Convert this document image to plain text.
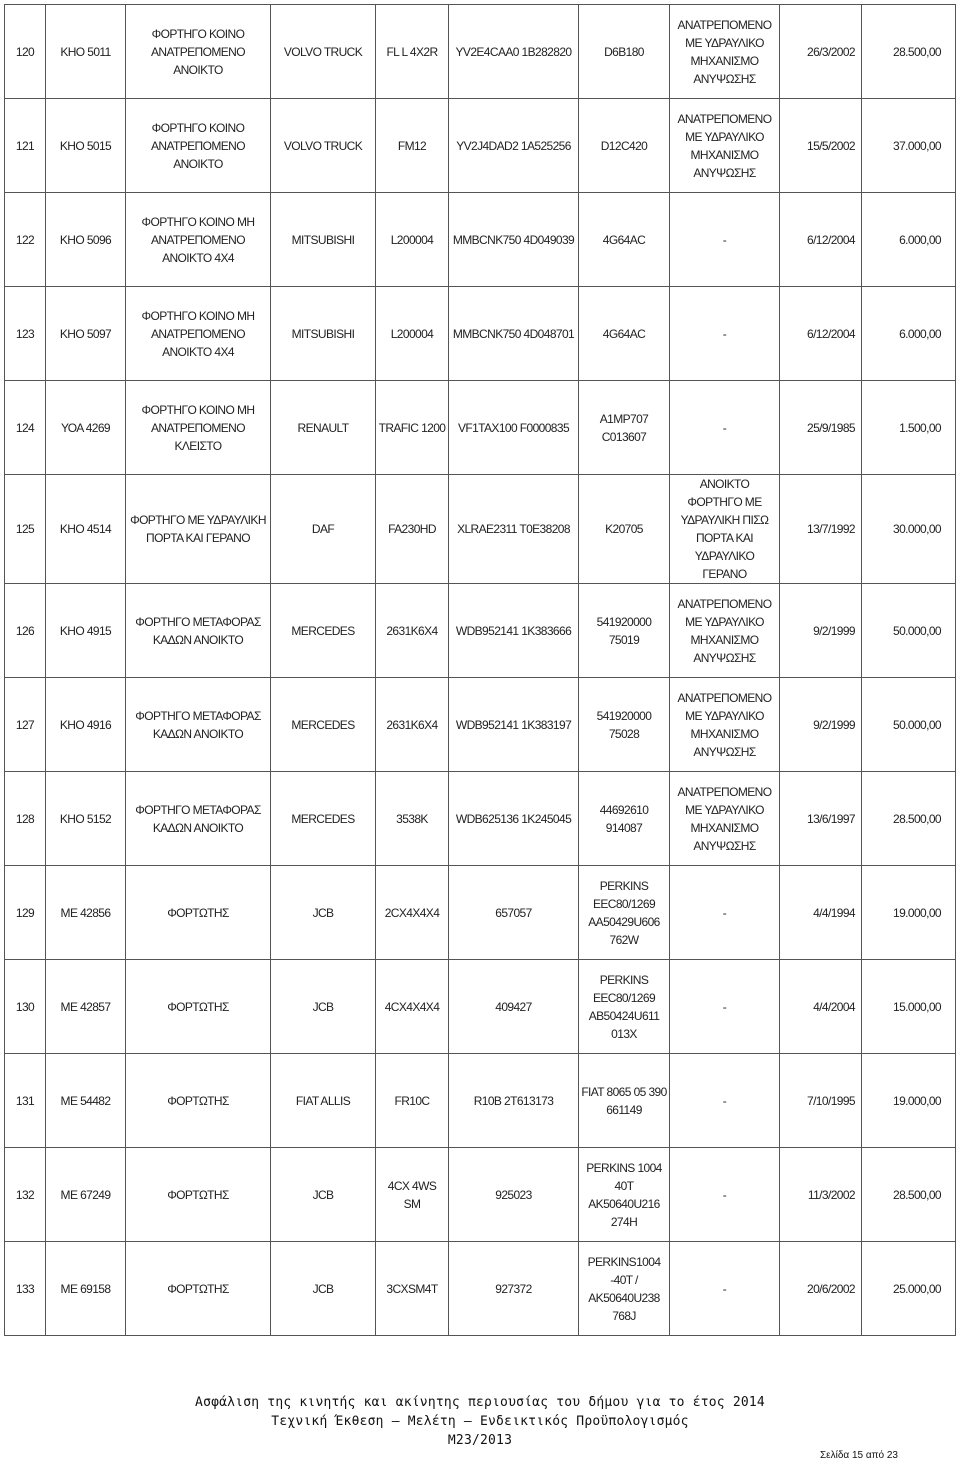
120	ΚΗΟ 5011	ΦΟΡΤΗΓΟ ΚΟΙΝΟ ΑΝΑΤΡΕΠΟΜΕΝΟ ΑΝΟΙΚΤΟ	VOLVO TRUCK	FL L 4X2R	YV2E4CAA0 1B282820	D6B180	ΑΝΑΤΡΕΠΟΜΕΝΟ ΜΕ ΥΔΡΑΥΛΙΚΟ ΜΗΧΑΝΙΣΜΟ ΑΝΥΨΩΣΗΣ	26/3/2002	28.500,00
121	ΚΗΟ 5015	ΦΟΡΤΗΓΟ ΚΟΙΝΟ ΑΝΑΤΡΕΠΟΜΕΝΟ ΑΝΟΙΚΤΟ	VOLVO TRUCK	FM12	YV2J4DAD2 1A525256	D12C420	ΑΝΑΤΡΕΠΟΜΕΝΟ ΜΕ ΥΔΡΑΥΛΙΚΟ ΜΗΧΑΝΙΣΜΟ ΑΝΥΨΩΣΗΣ	15/5/2002	37.000,00
122	ΚΗΟ 5096	ΦΟΡΤΗΓΟ ΚΟΙΝΟ ΜΗ ΑΝΑΤΡΕΠΟΜΕΝΟ ΑΝΟΙΚΤΟ 4Χ4	MITSUBISHI	L200004	MMBCNK750 4D049039	4G64AC	-	6/12/2004	6.000,00
123	ΚΗΟ 5097	ΦΟΡΤΗΓΟ ΚΟΙΝΟ ΜΗ ΑΝΑΤΡΕΠΟΜΕΝΟ ΑΝΟΙΚΤΟ 4Χ4	MITSUBISHI	L200004	MMBCNK750 4D048701	4G64AC	-	6/12/2004	6.000,00
124	ΥΟΑ 4269	ΦΟΡΤΗΓΟ ΚΟΙΝΟ ΜΗ ΑΝΑΤΡΕΠΟΜΕΝΟ ΚΛΕΙΣΤΟ	RENAULT	TRAFIC 1200	VF1TAX100 F0000835	A1MP707 C013607	-	25/9/1985	1.500,00
125	ΚΗΟ 4514	ΦΟΡΤΗΓΟ ΜΕ ΥΔΡΑΥΛΙΚΗ ΠΟΡΤΑ ΚΑΙ ΓΕΡΑΝΟ	DAF	FA230HD	XLRAE2311 T0E38208	K20705	ΑΝΟΙΚΤΟ ΦΟΡΤΗΓΟ ΜΕ ΥΔΡΑΥΛΙΚΗ ΠΙΣΩ ΠΟΡΤΑ ΚΑΙ ΥΔΡΑΥΛΙΚΟ ΓΕΡΑΝΟ	13/7/1992	30.000,00
126	ΚΗΟ 4915	ΦΟΡΤΗΓΟ ΜΕΤΑΦΟΡΑΣ ΚΑΔΩΝ ΑΝΟΙΚΤΟ	MERCEDES	2631K6X4	WDB952141 1K383666	541920000 75019	ΑΝΑΤΡΕΠΟΜΕΝΟ ΜΕ ΥΔΡΑΥΛΙΚΟ ΜΗΧΑΝΙΣΜΟ ΑΝΥΨΩΣΗΣ	9/2/1999	50.000,00
127	ΚΗΟ 4916	ΦΟΡΤΗΓΟ ΜΕΤΑΦΟΡΑΣ ΚΑΔΩΝ ΑΝΟΙΚΤΟ	MERCEDES	2631K6X4	WDB952141 1K383197	541920000 75028	ΑΝΑΤΡΕΠΟΜΕΝΟ ΜΕ ΥΔΡΑΥΛΙΚΟ ΜΗΧΑΝΙΣΜΟ ΑΝΥΨΩΣΗΣ	9/2/1999	50.000,00
128	ΚΗΟ 5152	ΦΟΡΤΗΓΟ ΜΕΤΑΦΟΡΑΣ ΚΑΔΩΝ ΑΝΟΙΚΤΟ	MERCEDES	3538K	WDB625136 1K245045	44692610 914087	ΑΝΑΤΡΕΠΟΜΕΝΟ ΜΕ ΥΔΡΑΥΛΙΚΟ ΜΗΧΑΝΙΣΜΟ ΑΝΥΨΩΣΗΣ	13/6/1997	28.500,00
129	ΜΕ 42856	ΦΟΡΤΩΤΗΣ	JCB	2CX4X4X4	657057	PERKINS EEC80/1269 AA50429U606 762W	-	4/4/1994	19.000,00
130	ΜΕ 42857	ΦΟΡΤΩΤΗΣ	JCB	4CX4X4X4	409427	PERKINS EEC80/1269 AB50424U611 013X	-	4/4/2004	15.000,00
131	ΜΕ 54482	ΦΟΡΤΩΤΗΣ	FIAT ALLIS	FR10C	R10B 2T613173	FIAT 8065 05 390 661149	-	7/10/1995	19.000,00
132	ΜΕ 67249	ΦΟΡΤΩΤΗΣ	JCB	4CX 4WS SM	925023	PERKINS 1004 40T AK50640U216 274H	-	11/3/2002	28.500,00
133	ΜΕ 69158	ΦΟΡΤΩΤΗΣ	JCB	3CXSM4T	927372	PERKINS1004 -40T / AK50640U238 768J	-	20/6/2002	25.000,00
Ασφάλιση της κινητής και ακίνητης περιουσίας του δήμου για το έτος 2014
Τεχνική Έκθεση – Μελέτη – Ενδεικτικός Προϋπολογισμός
Μ23/2013
Σελίδα 15 από 23
